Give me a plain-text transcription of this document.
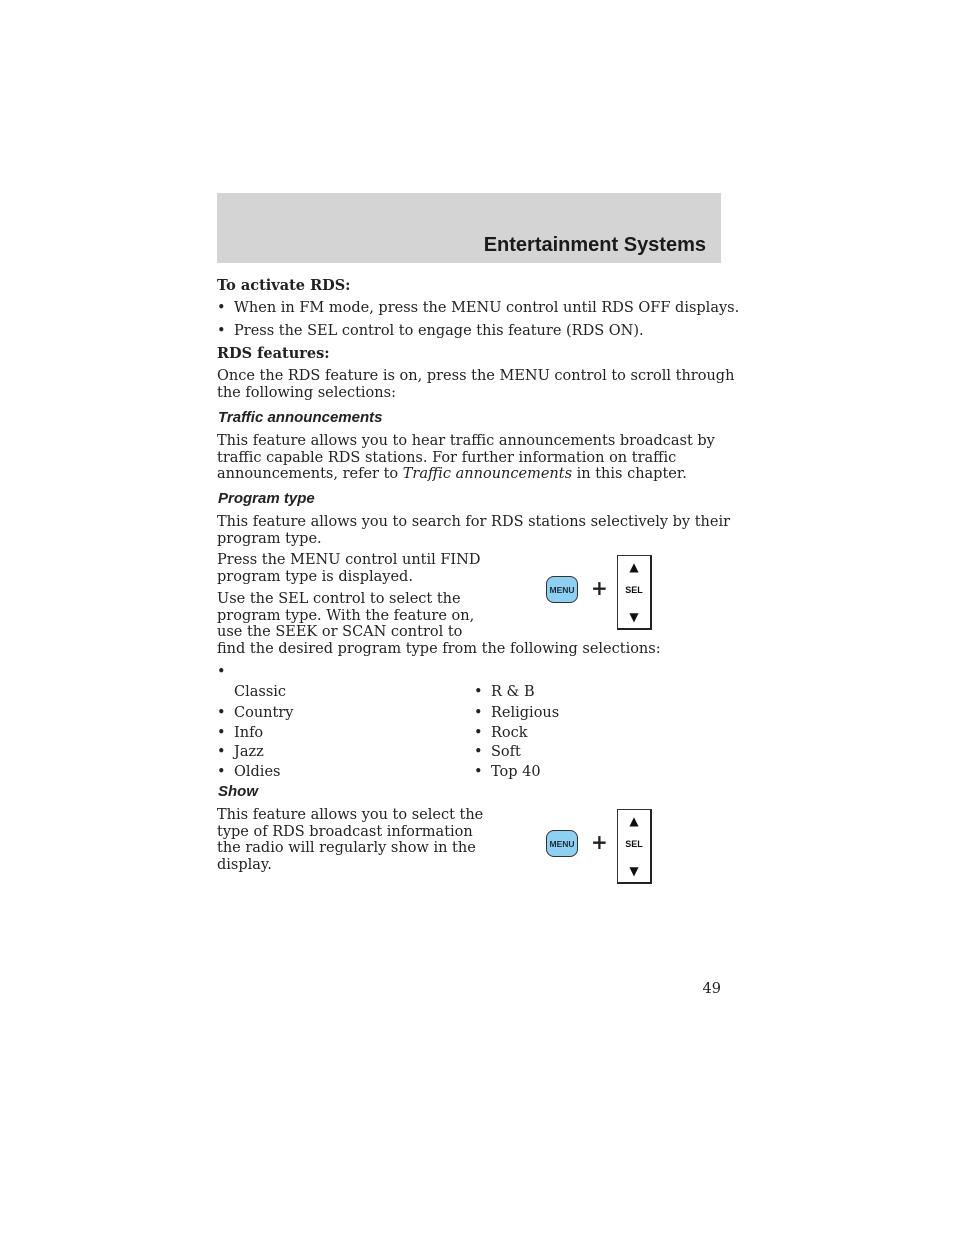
Entertainment Systems
To activate RDS:
• When in FM mode, press the MENU control until RDS OFF displays.
• Press the SEL control to engage this feature (RDS ON).
RDS features:
Once the RDS feature is on, press the MENU control to scroll through
the following selections:
Traffic announcements
This feature allows you to hear traffic announcements broadcast by
traffic capable RDS stations. For further information on traffic
announcements, refer to Traffic announcements in this chapter.
Program type
This feature allows you to search for RDS stations selectively by their
program type.
Press the MENU control until FIND
program type is displayed.
Use the SEL control to select the
program type. With the feature on,
use the SEEK or SCAN control to
find the desired program type from the following selections:
MENU +
▲
SEL
▼
•
Classic
• Country
• Info
• Jazz
• Oldies
• R & B
• Religious
• Rock
• Soft
• Top 40
Show
This feature allows you to select the
type of RDS broadcast information
the radio will regularly show in the
display.
MENU +
▲
SEL
▼
49
